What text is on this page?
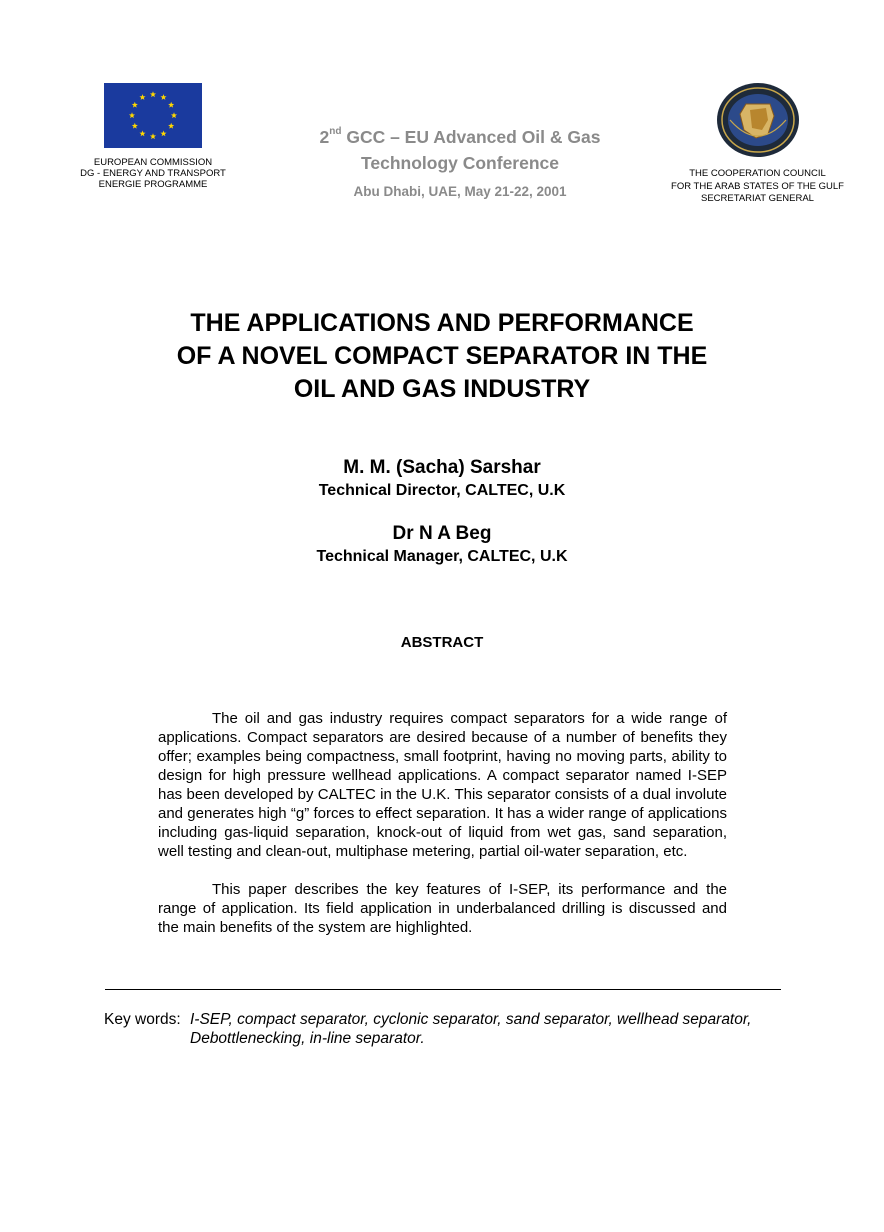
EUROPEAN COMMISSION
DG - ENERGY AND TRANSPORT
ENERGIE PROGRAMME
2nd GCC – EU Advanced Oil & Gas
Technology Conference
Abu Dhabi, UAE, May 21-22, 2001
THE COOPERATION COUNCIL
FOR THE ARAB STATES OF THE GULF
SECRETARIAT GENERAL
THE APPLICATIONS AND PERFORMANCE
OF A NOVEL COMPACT SEPARATOR IN THE
OIL AND GAS INDUSTRY
M. M. (Sacha) Sarshar
Technical Director, CALTEC, U.K
Dr N A Beg
Technical Manager, CALTEC, U.K
ABSTRACT

The oil and gas industry requires compact separators for a wide range of applications. Compact separators are desired because of a number of benefits they offer; examples being compactness, small footprint, having no moving parts, ability to design for high pressure wellhead applications. A compact separator named I-SEP has been developed by CALTEC in the U.K. This separator consists of a dual involute and generates high “g” forces to effect separation. It has a wider range of applications including gas-liquid separation, knock-out of liquid from wet gas, sand separation, well testing and clean-out, multiphase metering, partial oil-water separation, etc.

This paper describes the key features of I-SEP, its performance and the range of application. Its field application in underbalanced drilling is discussed and the main benefits of the system are highlighted.

Key words: I-SEP, compact separator, cyclonic separator, sand separator, wellhead separator,
Debottlenecking, in-line separator.
